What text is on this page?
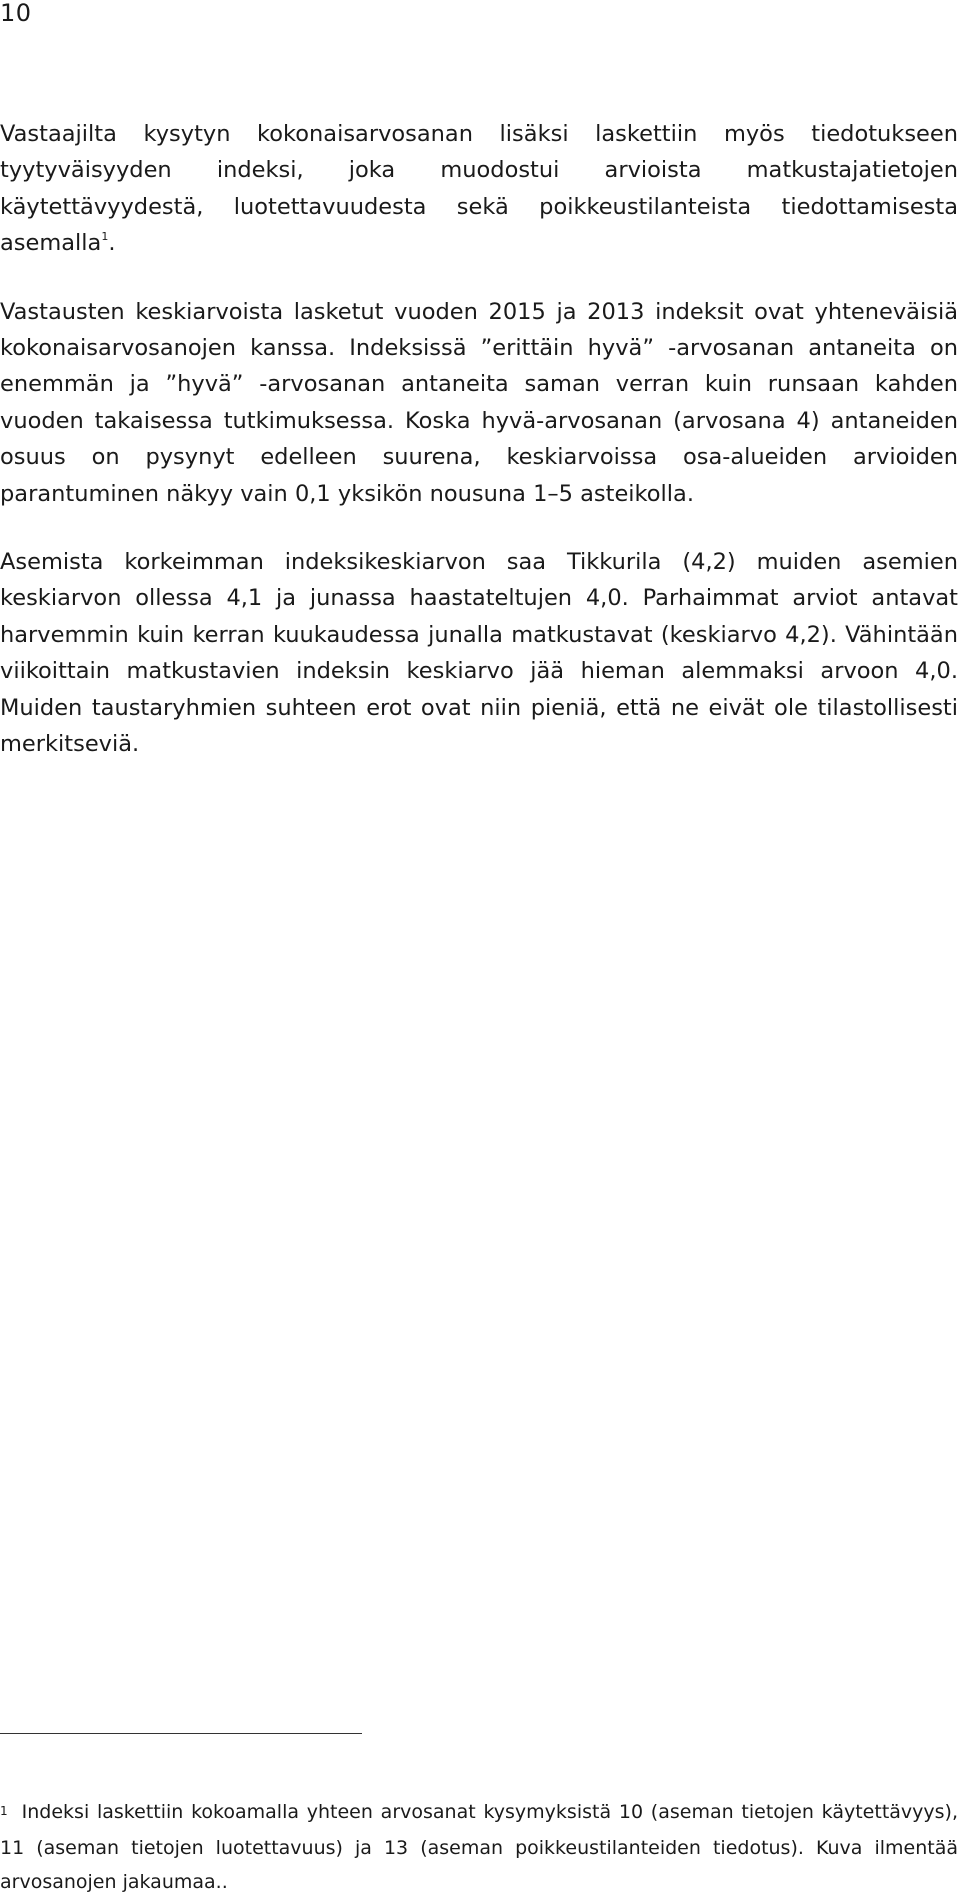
10

Vastaajilta kysytyn kokonaisarvosanan lisäksi laskettiin myös tiedotukseen tyytyväisyyden indeksi, joka muodostui arvioista matkustajatietojen käytettävyydestä, luotettavuudesta sekä poikkeustilanteista tiedottamisesta asemalla$^1$.

Vastausten keskiarvoista lasketut vuoden 2015 ja 2013 indeksit ovat yhteneväisiä kokonaisarvosanojen kanssa. Indeksissä ”erittäin hyvä” -arvosanan antaneita on enemmän ja ”hyvä” -arvosanan antaneita saman verran kuin runsaan kahden vuoden takaisessa tutkimuksessa. Koska hyvä-arvosanan (arvosana 4) antaneiden osuus on pysynyt edelleen suurena, keskiarvoissa osa-alueiden arvioiden parantuminen näkyy vain 0,1 yksikön nousuna 1–5 asteikolla.

Asemista korkeimman indeksikeskiarvon saa Tikkurila (4,2) muiden asemien keskiarvon ollessa 4,1 ja junassa haastateltujen 4,0. Parhaimmat arviot antavat harvemmin kuin kerran kuukaudessa junalla matkustavat (keskiarvo 4,2). Vähintään viikoittain matkustavien indeksin keskiarvo jää hieman alemmaksi arvoon 4,0. Muiden taustaryhmien suhteen erot ovat niin pieniä, että ne eivät ole tilastollisesti merkitseviä.

1 Indeksi laskettiin kokoamalla yhteen arvosanat kysymyksistä 10 (aseman tietojen käytettävyys), 11 (aseman tietojen luotettavuus) ja 13 (aseman poikkeustilanteiden tiedotus). Kuva ilmentää arvosanojen jakaumaa..
